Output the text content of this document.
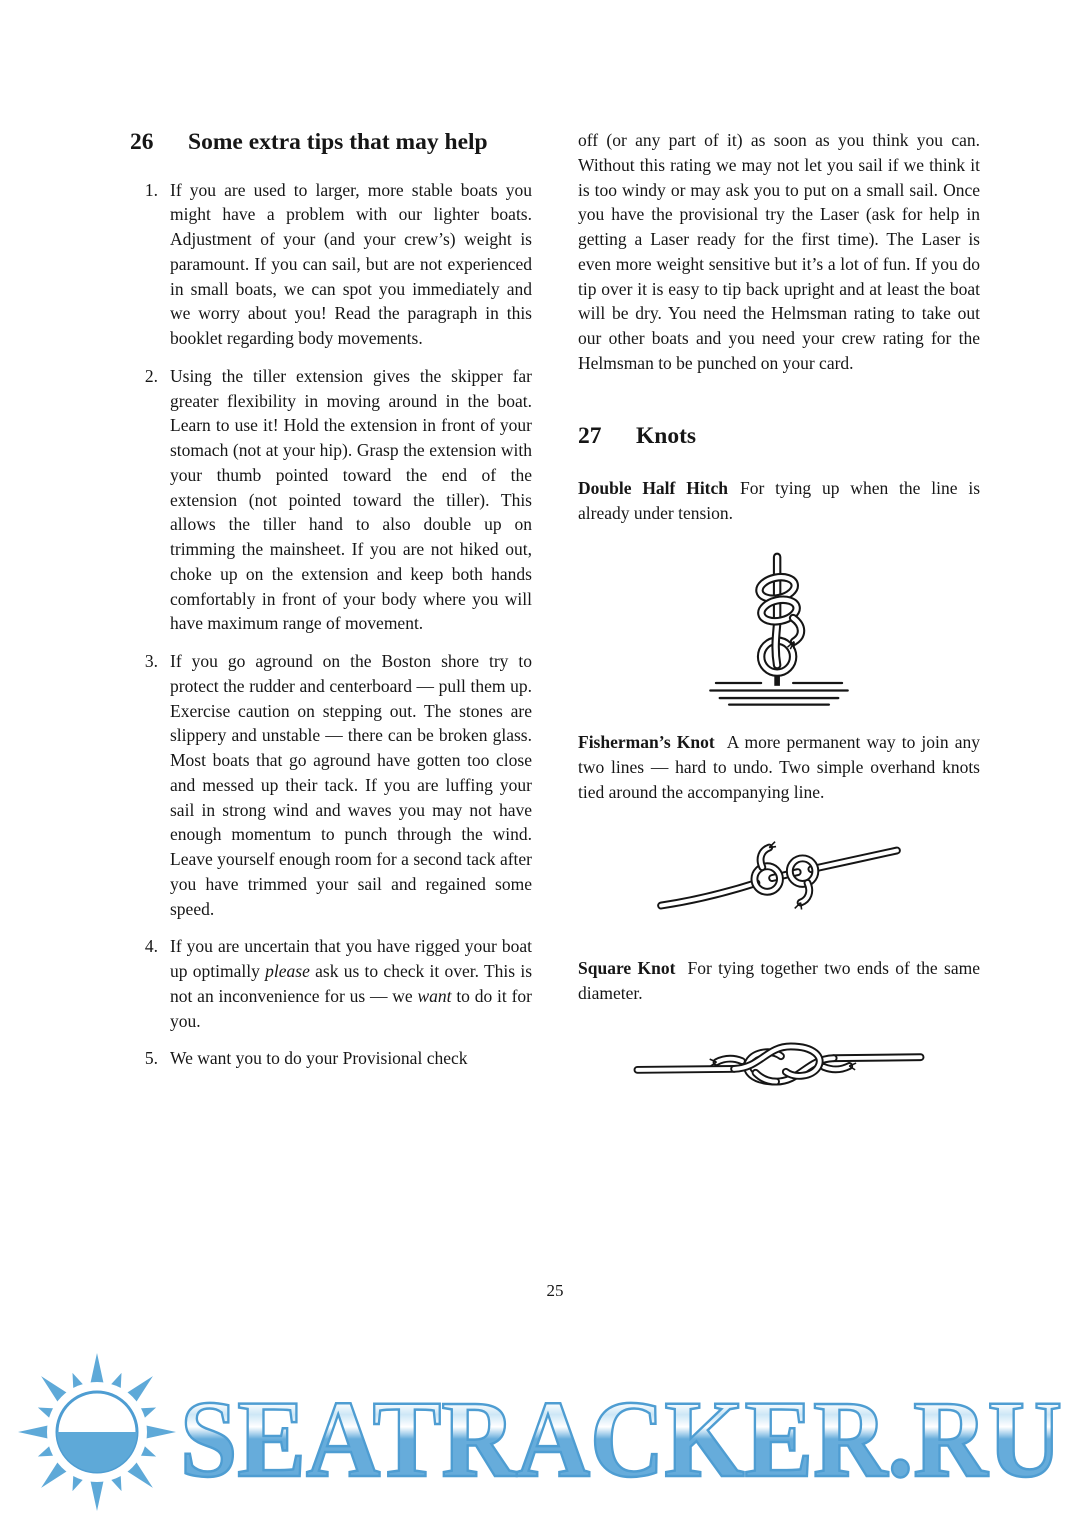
26	Some extra tips that may help
1. If you are used to larger, more stable boats you might have a problem with our lighter boats. Adjustment of your (and your crew’s) weight is paramount. If you can sail, but are not experienced in small boats, we can spot you immediately and we worry about you! Read the paragraph in this booklet regarding body movements.
2. Using the tiller extension gives the skipper far greater flexibility in moving around in the boat. Learn to use it! Hold the extension in front of your stomach (not at your hip). Grasp the extension with your thumb pointed toward the end of the extension (not pointed toward the tiller). This allows the tiller hand to also double up on trimming the mainsheet. If you are not hiked out, choke up on the extension and keep both hands comfortably in front of your body where you will have maximum range of movement.
3. If you go aground on the Boston shore try to protect the rudder and centerboard — pull them up. Exercise caution on stepping out. The stones are slippery and unstable — there can be broken glass. Most boats that go aground have gotten too close and messed up their tack. If you are luffing your sail in strong wind and waves you may not have enough momentum to punch through the wind. Leave yourself enough room for a second tack after you have trimmed your sail and regained some speed.
4. If you are uncertain that you have rigged your boat up optimally please ask us to check it over. This is not an inconvenience for us — we want to do it for you.
5. We want you to do your Provisional check

off (or any part of it) as soon as you think you can. Without this rating we may not let you sail if we think it is too windy or may ask you to put on a small sail. Once you have the provisional try the Laser (ask for help in getting a Laser ready for the first time). The Laser is even more weight sensitive but it’s a lot of fun. If you do tip over it is easy to tip back upright and at least the boat will be dry. You need the Helmsman rating to take out our other boats and you need your crew rating for the Helmsman to be punched on your card.

27	Knots

Double Half Hitch For tying up when the line is already under tension.

Fisherman’s Knot A more permanent way to join any two lines — hard to undo. Two simple overhand knots tied around the accompanying line.

Square Knot For tying together two ends of the same diameter.

25
SEATRACKER.RU
